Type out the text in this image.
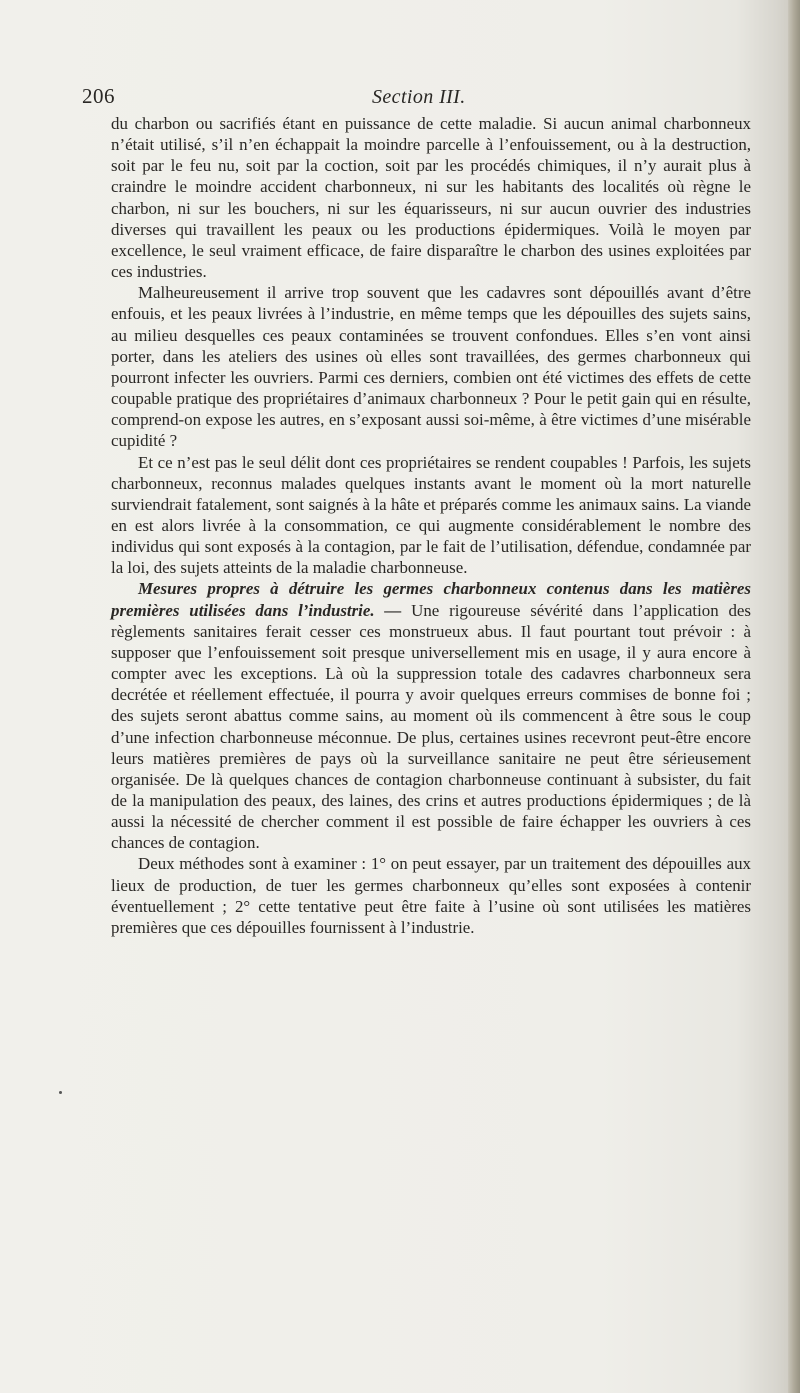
206	Section III.

du charbon ou sacrifiés étant en puissance de cette maladie. Si aucun animal charbonneux n’était utilisé, s’il n’en échappait la moindre parcelle à l’enfouissement, ou à la destruction, soit par le feu nu, soit par la coction, soit par les procédés chimiques, il n’y aurait plus à craindre le moindre accident charbonneux, ni sur les habitants des localités où règne le charbon, ni sur les bouchers, ni sur les équarisseurs, ni sur aucun ouvrier des industries diverses qui travaillent les peaux ou les productions épidermiques. Voilà le moyen par excellence, le seul vraiment efficace, de faire disparaître le charbon des usines exploitées par ces industries.

Malheureusement il arrive trop souvent que les cadavres sont dépouillés avant d’être enfouis, et les peaux livrées à l’industrie, en même temps que les dépouilles des sujets sains, au milieu desquelles ces peaux contaminées se trouvent confondues. Elles s’en vont ainsi porter, dans les ateliers des usines où elles sont travaillées, des germes charbonneux qui pourront infecter les ouvriers. Parmi ces derniers, combien ont été victimes des effets de cette coupable pratique des propriétaires d’animaux charbonneux ? Pour le petit gain qui en résulte, comprend-on expose les autres, en s’exposant aussi soi-même, à être victimes d’une misérable cupidité ?

Et ce n’est pas le seul délit dont ces propriétaires se rendent coupables ! Parfois, les sujets charbonneux, reconnus malades quelques instants avant le moment où la mort naturelle surviendrait fatalement, sont saignés à la hâte et préparés comme les animaux sains. La viande en est alors livrée à la consommation, ce qui augmente considérablement le nombre des individus qui sont exposés à la contagion, par le fait de l’utilisation, défendue, condamnée par la loi, des sujets atteints de la maladie charbonneuse.

Mesures propres à détruire les germes charbonneux contenus dans les matières premières utilisées dans l’industrie. — Une rigoureuse sévérité dans l’application des règlements sanitaires ferait cesser ces monstrueux abus. Il faut pourtant tout prévoir : à supposer que l’enfouissement soit presque universellement mis en usage, il y aura encore à compter avec les exceptions. Là où la suppression totale des cadavres charbonneux sera decrétée et réellement effectuée, il pourra y avoir quelques erreurs commises de bonne foi ; des sujets seront abattus comme sains, au moment où ils commencent à être sous le coup d’une infection charbonneuse méconnue. De plus, certaines usines recevront peut-être encore leurs matières premières de pays où la surveillance sanitaire ne peut être sérieusement organisée. De là quelques chances de contagion charbonneuse continuant à subsister, du fait de la manipulation des peaux, des laines, des crins et autres productions épidermiques ; de là aussi la nécessité de chercher comment il est possible de faire échapper les ouvriers à ces chances de contagion.

Deux méthodes sont à examiner : 1° on peut essayer, par un traitement des dépouilles aux lieux de production, de tuer les germes charbonneux qu’elles sont exposées à contenir éventuellement ; 2° cette tentative peut être faite à l’usine où sont utilisées les matières premières que ces dépouilles fournissent à l’industrie.
